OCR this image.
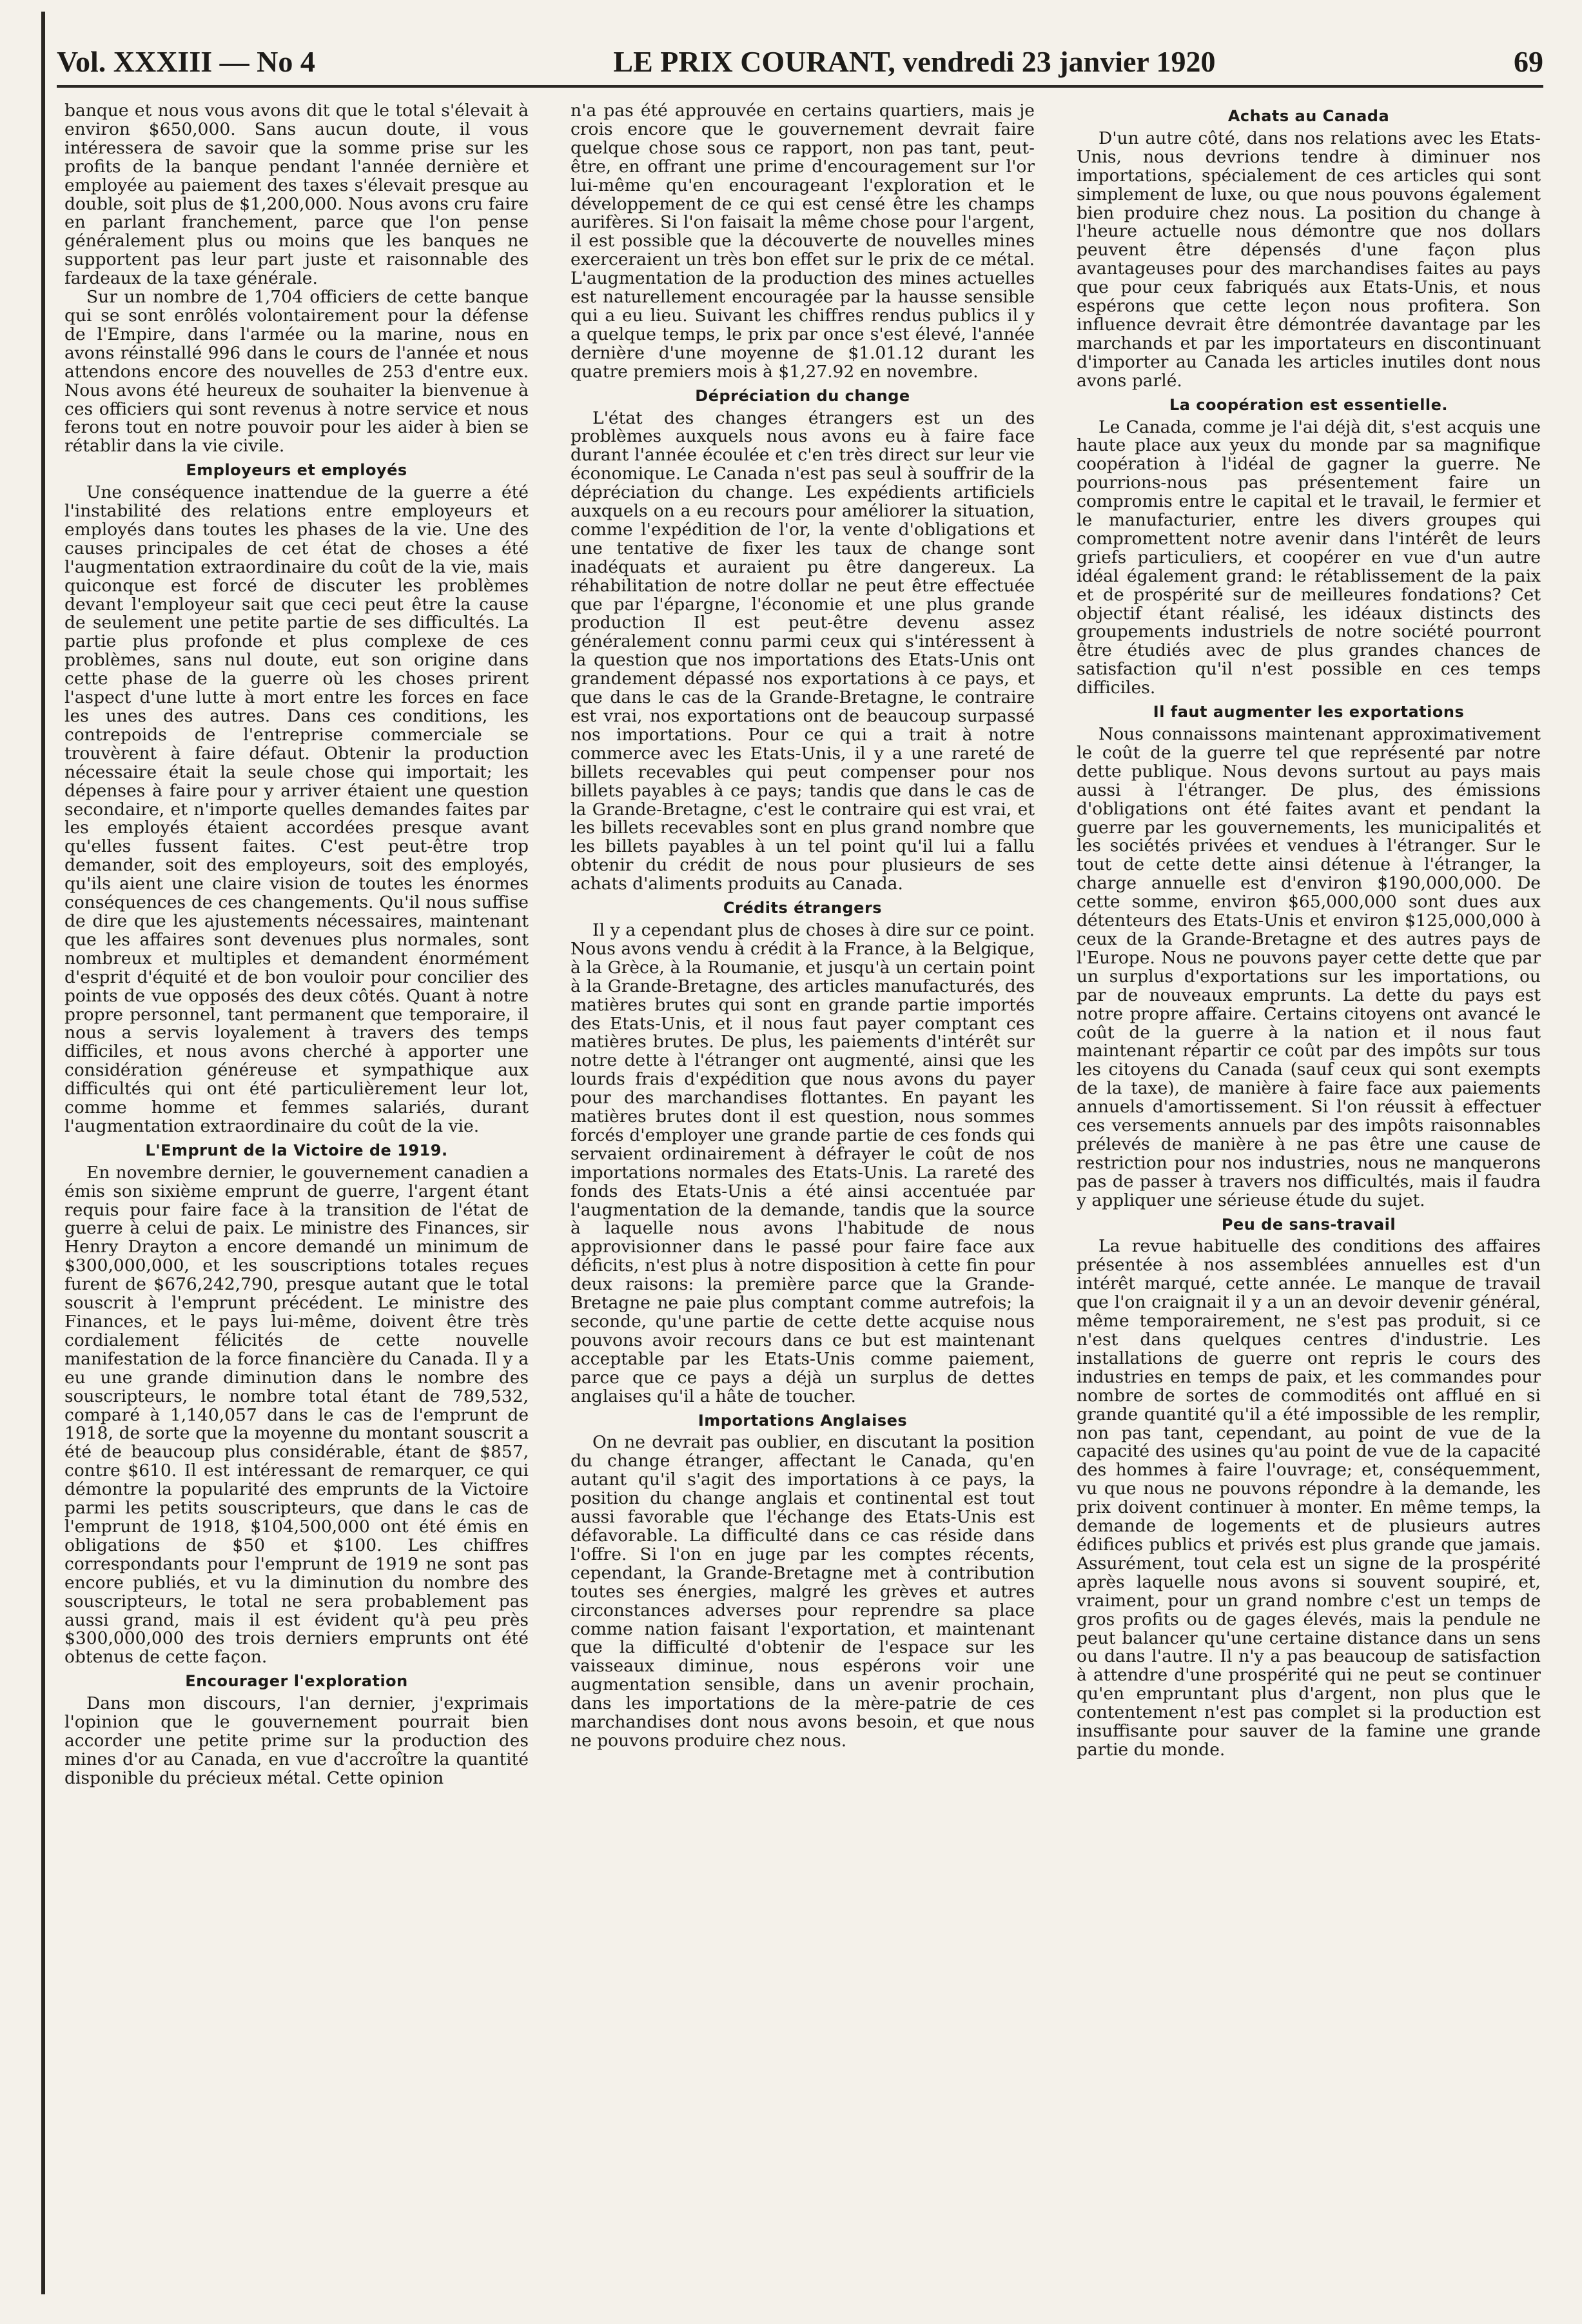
Vol. XXXIII — No 4	LE PRIX COURANT, vendredi 23 janvier 1920	69

banque et nous vous avons dit que le total s'élevait à environ $650,000. Sans aucun doute, il vous intéressera de savoir que la somme prise sur les profits de la banque pendant l'année dernière et employée au paiement des taxes s'élevait presque au double, soit plus de $1,200,000. Nous avons cru faire en parlant franchement, parce que l'on pense généralement plus ou moins que les banques ne supportent pas leur part juste et raisonnable des fardeaux de la taxe générale.

Sur un nombre de 1,704 officiers de cette banque qui se sont enrôlés volontairement pour la défense de l'Empire, dans l'armée ou la marine, nous en avons réinstallé 996 dans le cours de l'année et nous attendons encore des nouvelles de 253 d'entre eux. Nous avons été heureux de souhaiter la bienvenue à ces officiers qui sont revenus à notre service et nous ferons tout en notre pouvoir pour les aider à bien se rétablir dans la vie civile.

Employeurs et employés

Une conséquence inattendue de la guerre a été l'instabilité des relations entre employeurs et employés dans toutes les phases de la vie. Une des causes principales de cet état de choses a été l'augmentation extraordinaire du coût de la vie, mais quiconque est forcé de discuter les problèmes devant l'employeur sait que ceci peut être la cause de seulement une petite partie de ses difficultés. La partie plus profonde et plus complexe de ces problèmes, sans nul doute, eut son origine dans cette phase de la guerre où les choses prirent l'aspect d'une lutte à mort entre les forces en face les unes des autres. Dans ces conditions, les contrepoids de l'entreprise commerciale se trouvèrent à faire défaut. Obtenir la production nécessaire était la seule chose qui importait; les dépenses à faire pour y arriver étaient une question secondaire, et n'importe quelles demandes faites par les employés étaient accordées presque avant qu'elles fussent faites. C'est peut-être trop demander, soit des employeurs, soit des employés, qu'ils aient une claire vision de toutes les énormes conséquences de ces changements. Qu'il nous suffise de dire que les ajustements nécessaires, maintenant que les affaires sont devenues plus normales, sont nombreux et multiples et demandent énormément d'esprit d'équité et de bon vouloir pour concilier des points de vue opposés des deux côtés. Quant à notre propre personnel, tant permanent que temporaire, il nous a servis loyalement à travers des temps difficiles, et nous avons cherché à apporter une considération généreuse et sympathique aux difficultés qui ont été particulièrement leur lot, comme homme et femmes salariés, durant l'augmentation extraordinaire du coût de la vie.

L'Emprunt de la Victoire de 1919.

En novembre dernier, le gouvernement canadien a émis son sixième emprunt de guerre, l'argent étant requis pour faire face à la transition de l'état de guerre à celui de paix. Le ministre des Finances, sir Henry Drayton a encore demandé un minimum de $300,000,000, et les souscriptions totales reçues furent de $676,242,790, presque autant que le total souscrit à l'emprunt précédent. Le ministre des Finances, et le pays lui-même, doivent être très cordialement félicités de cette nouvelle manifestation de la force financière du Canada. Il y a eu une grande diminution dans le nombre des souscripteurs, le nombre total étant de 789,532, comparé à 1,140,057 dans le cas de l'emprunt de 1918, de sorte que la moyenne du montant souscrit a été de beaucoup plus considérable, étant de $857, contre $610. Il est intéressant de remarquer, ce qui démontre la popularité des emprunts de la Victoire parmi les petits souscripteurs, que dans le cas de l'emprunt de 1918, $104,500,000 ont été émis en obligations de $50 et $100. Les chiffres correspondants pour l'emprunt de 1919 ne sont pas encore publiés, et vu la diminution du nombre des souscripteurs, le total ne sera probablement pas aussi grand, mais il est évident qu'à peu près $300,000,000 des trois derniers emprunts ont été obtenus de cette façon.

Encourager l'exploration

Dans mon discours, l'an dernier, j'exprimais l'opinion que le gouvernement pourrait bien accorder une petite prime sur la production des mines d'or au Canada, en vue d'accroître la quantité disponible du précieux métal. Cette opinion

n'a pas été approuvée en certains quartiers, mais je crois encore que le gouvernement devrait faire quelque chose sous ce rapport, non pas tant, peut-être, en offrant une prime d'encouragement sur l'or lui-même qu'en encourageant l'exploration et le développement de ce qui est censé être les champs aurifères. Si l'on faisait la même chose pour l'argent, il est possible que la découverte de nouvelles mines exerceraient un très bon effet sur le prix de ce métal. L'augmentation de la production des mines actuelles est naturellement encouragée par la hausse sensible qui a eu lieu. Suivant les chiffres rendus publics il y a quelque temps, le prix par once s'est élevé, l'année dernière d'une moyenne de $1.01.12 durant les quatre premiers mois à $1,27.92 en novembre.

Dépréciation du change

L'état des changes étrangers est un des problèmes auxquels nous avons eu à faire face durant l'année écoulée et c'en très direct sur leur vie économique. Le Canada n'est pas seul à souffrir de la dépréciation du change. Les expédients artificiels auxquels on a eu recours pour améliorer la situation, comme l'expédition de l'or, la vente d'obligations et une tentative de fixer les taux de change sont inadéquats et auraient pu être dangereux. La réhabilitation de notre dollar ne peut être effectuée que par l'épargne, l'économie et une plus grande production Il est peut-être devenu assez généralement connu parmi ceux qui s'intéressent à la question que nos importations des Etats-Unis ont grandement dépassé nos exportations à ce pays, et que dans le cas de la Grande-Bretagne, le contraire est vrai, nos exportations ont de beaucoup surpassé nos importations. Pour ce qui a trait à notre commerce avec les Etats-Unis, il y a une rareté de billets recevables qui peut compenser pour nos billets payables à ce pays; tandis que dans le cas de la Grande-Bretagne, c'est le contraire qui est vrai, et les billets recevables sont en plus grand nombre que les billets payables à un tel point qu'il lui a fallu obtenir du crédit de nous pour plusieurs de ses achats d'aliments produits au Canada.

Crédits étrangers

Il y a cependant plus de choses à dire sur ce point. Nous avons vendu à crédit à la France, à la Belgique, à la Grèce, à la Roumanie, et jusqu'à un certain point à la Grande-Bretagne, des articles manufacturés, des matières brutes qui sont en grande partie importés des Etats-Unis, et il nous faut payer comptant ces matières brutes. De plus, les paiements d'intérêt sur notre dette à l'étranger ont augmenté, ainsi que les lourds frais d'expédition que nous avons du payer pour des marchandises flottantes. En payant les matières brutes dont il est question, nous sommes forcés d'employer une grande partie de ces fonds qui servaient ordinairement à défrayer le coût de nos importations normales des Etats-Unis. La rareté des fonds des Etats-Unis a été ainsi accentuée par l'augmentation de la demande, tandis que la source à laquelle nous avons l'habitude de nous approvisionner dans le passé pour faire face aux déficits, n'est plus à notre disposition à cette fin pour deux raisons: la première parce que la Grande-Bretagne ne paie plus comptant comme autrefois; la seconde, qu'une partie de cette dette acquise nous pouvons avoir recours dans ce but est maintenant acceptable par les Etats-Unis comme paiement, parce que ce pays a déjà un surplus de dettes anglaises qu'il a hâte de toucher.

Importations Anglaises

On ne devrait pas oublier, en discutant la position du change étranger, affectant le Canada, qu'en autant qu'il s'agit des importations à ce pays, la position du change anglais et continental est tout aussi favorable que l'échange des Etats-Unis est défavorable. La difficulté dans ce cas réside dans l'offre. Si l'on en juge par les comptes récents, cependant, la Grande-Bretagne met à contribution toutes ses énergies, malgré les grèves et autres circonstances adverses pour reprendre sa place comme nation faisant l'exportation, et maintenant que la difficulté d'obtenir de l'espace sur les vaisseaux diminue, nous espérons voir une augmentation sensible, dans un avenir prochain, dans les importations de la mère-patrie de ces marchandises dont nous avons besoin, et que nous ne pouvons produire chez nous.

Achats au Canada

D'un autre côté, dans nos relations avec les Etats-Unis, nous devrions tendre à diminuer nos importations, spécialement de ces articles qui sont simplement de luxe, ou que nous pouvons également bien produire chez nous. La position du change à l'heure actuelle nous démontre que nos dollars peuvent être dépensés d'une façon plus avantageuses pour des marchandises faites au pays que pour ceux fabriqués aux Etats-Unis, et nous espérons que cette leçon nous profitera. Son influence devrait être démontrée davantage par les marchands et par les importateurs en discontinuant d'importer au Canada les articles inutiles dont nous avons parlé.

La coopération est essentielle.

Le Canada, comme je l'ai déjà dit, s'est acquis une haute place aux yeux du monde par sa magnifique coopération à l'idéal de gagner la guerre. Ne pourrions-nous pas présentement faire un compromis entre le capital et le travail, le fermier et le manufacturier, entre les divers groupes qui compromettent notre avenir dans l'intérêt de leurs griefs particuliers, et coopérer en vue d'un autre idéal également grand: le rétablissement de la paix et de prospérité sur de meilleures fondations? Cet objectif étant réalisé, les idéaux distincts des groupements industriels de notre société pourront être étudiés avec de plus grandes chances de satisfaction qu'il n'est possible en ces temps difficiles.

Il faut augmenter les exportations

Nous connaissons maintenant approximativement le coût de la guerre tel que représenté par notre dette publique. Nous devons surtout au pays mais aussi à l'étranger. De plus, des émissions d'obligations ont été faites avant et pendant la guerre par les gouvernements, les municipalités et les sociétés privées et vendues à l'étranger. Sur le tout de cette dette ainsi détenue à l'étranger, la charge annuelle est d'environ $190,000,000. De cette somme, environ $65,000,000 sont dues aux détenteurs des Etats-Unis et environ $125,000,000 à ceux de la Grande-Bretagne et des autres pays de l'Europe. Nous ne pouvons payer cette dette que par un surplus d'exportations sur les importations, ou par de nouveaux emprunts. La dette du pays est notre propre affaire. Certains citoyens ont avancé le coût de la guerre à la nation et il nous faut maintenant répartir ce coût par des impôts sur tous les citoyens du Canada (sauf ceux qui sont exempts de la taxe), de manière à faire face aux paiements annuels d'amortissement. Si l'on réussit à effectuer ces versements annuels par des impôts raisonnables prélevés de manière à ne pas être une cause de restriction pour nos industries, nous ne manquerons pas de passer à travers nos difficultés, mais il faudra y appliquer une sérieuse étude du sujet.

Peu de sans-travail

La revue habituelle des conditions des affaires présentée à nos assemblées annuelles est d'un intérêt marqué, cette année. Le manque de travail que l'on craignait il y a un an devoir devenir général, même temporairement, ne s'est pas produit, si ce n'est dans quelques centres d'industrie. Les installations de guerre ont repris le cours des industries en temps de paix, et les commandes pour nombre de sortes de commodités ont afflué en si grande quantité qu'il a été impossible de les remplir, non pas tant, cependant, au point de vue de la capacité des usines qu'au point de vue de la capacité des hommes à faire l'ouvrage; et, conséquemment, vu que nous ne pouvons répondre à la demande, les prix doivent continuer à monter. En même temps, la demande de logements et de plusieurs autres édifices publics et privés est plus grande que jamais. Assurément, tout cela est un signe de la prospérité après laquelle nous avons si souvent soupiré, et, vraiment, pour un grand nombre c'est un temps de gros profits ou de gages élevés, mais la pendule ne peut balancer qu'une certaine distance dans un sens ou dans l'autre. Il n'y a pas beaucoup de satisfaction à attendre d'une prospérité qui ne peut se continuer qu'en empruntant plus d'argent, non plus que le contentement n'est pas complet si la production est insuffisante pour sauver de la famine une grande partie du monde.
